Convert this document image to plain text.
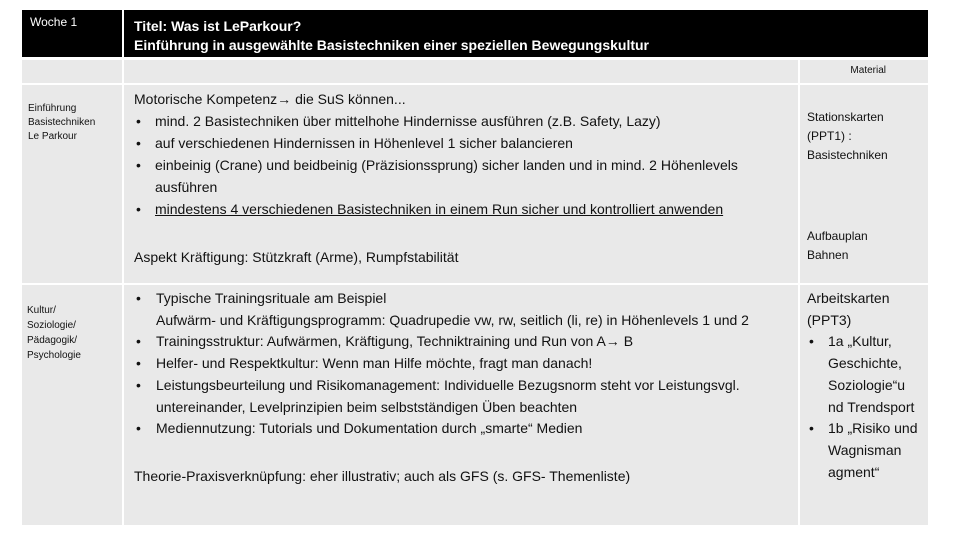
Woche 1	Titel: Was ist LeParkour?
Einführung in ausgewählte Basistechniken einer speziellen Bewegungskultur
Material

Einführung
Basistechniken
Le Parkour

Motorische Kompetenz→ die SuS können...
• mind. 2 Basistechniken über mittelhohe Hindernisse ausführen (z.B. Safety, Lazy)
• auf verschiedenen Hindernissen in Höhenlevel 1 sicher balancieren
• einbeinig (Crane) und beidbeinig (Präzisionssprung) sicher landen und in mind. 2 Höhenlevels ausführen
• mindestens 4 verschiedenen Basistechniken in einem Run sicher und kontrolliert anwenden
Aspekt Kräftigung: Stützkraft (Arme), Rumpfstabilität

Stationskarten
(PPT1) :
Basistechniken

Aufbauplan
Bahnen

Kultur/
Soziologie/
Pädagogik/
Psychologie

• Typische Trainingsrituale am Beispiel
Aufwärm- und Kräftigungsprogramm: Quadrupedie vw, rw, seitlich (li, re) in Höhenlevels 1 und 2
• Trainingsstruktur: Aufwärmen, Kräftigung, Techniktraining und Run von A→ B
• Helfer- und Respektkultur: Wenn man Hilfe möchte, fragt man danach!
• Leistungsbeurteilung und Risikomanagement: Individuelle Bezugsnorm steht vor Leistungsvgl. untereinander, Levelprinzipien beim selbstständigen Üben beachten
• Mediennutzung: Tutorials und Dokumentation durch „smarte“ Medien
Theorie-Praxisverknüpfung: eher illustrativ; auch als GFS (s. GFS- Themenliste)
Arbeitskarten
(PPT3)
• 1a „Kultur, Geschichte, Soziologie“u nd Trendsport
• 1b „Risiko und Wagnisman agment“
